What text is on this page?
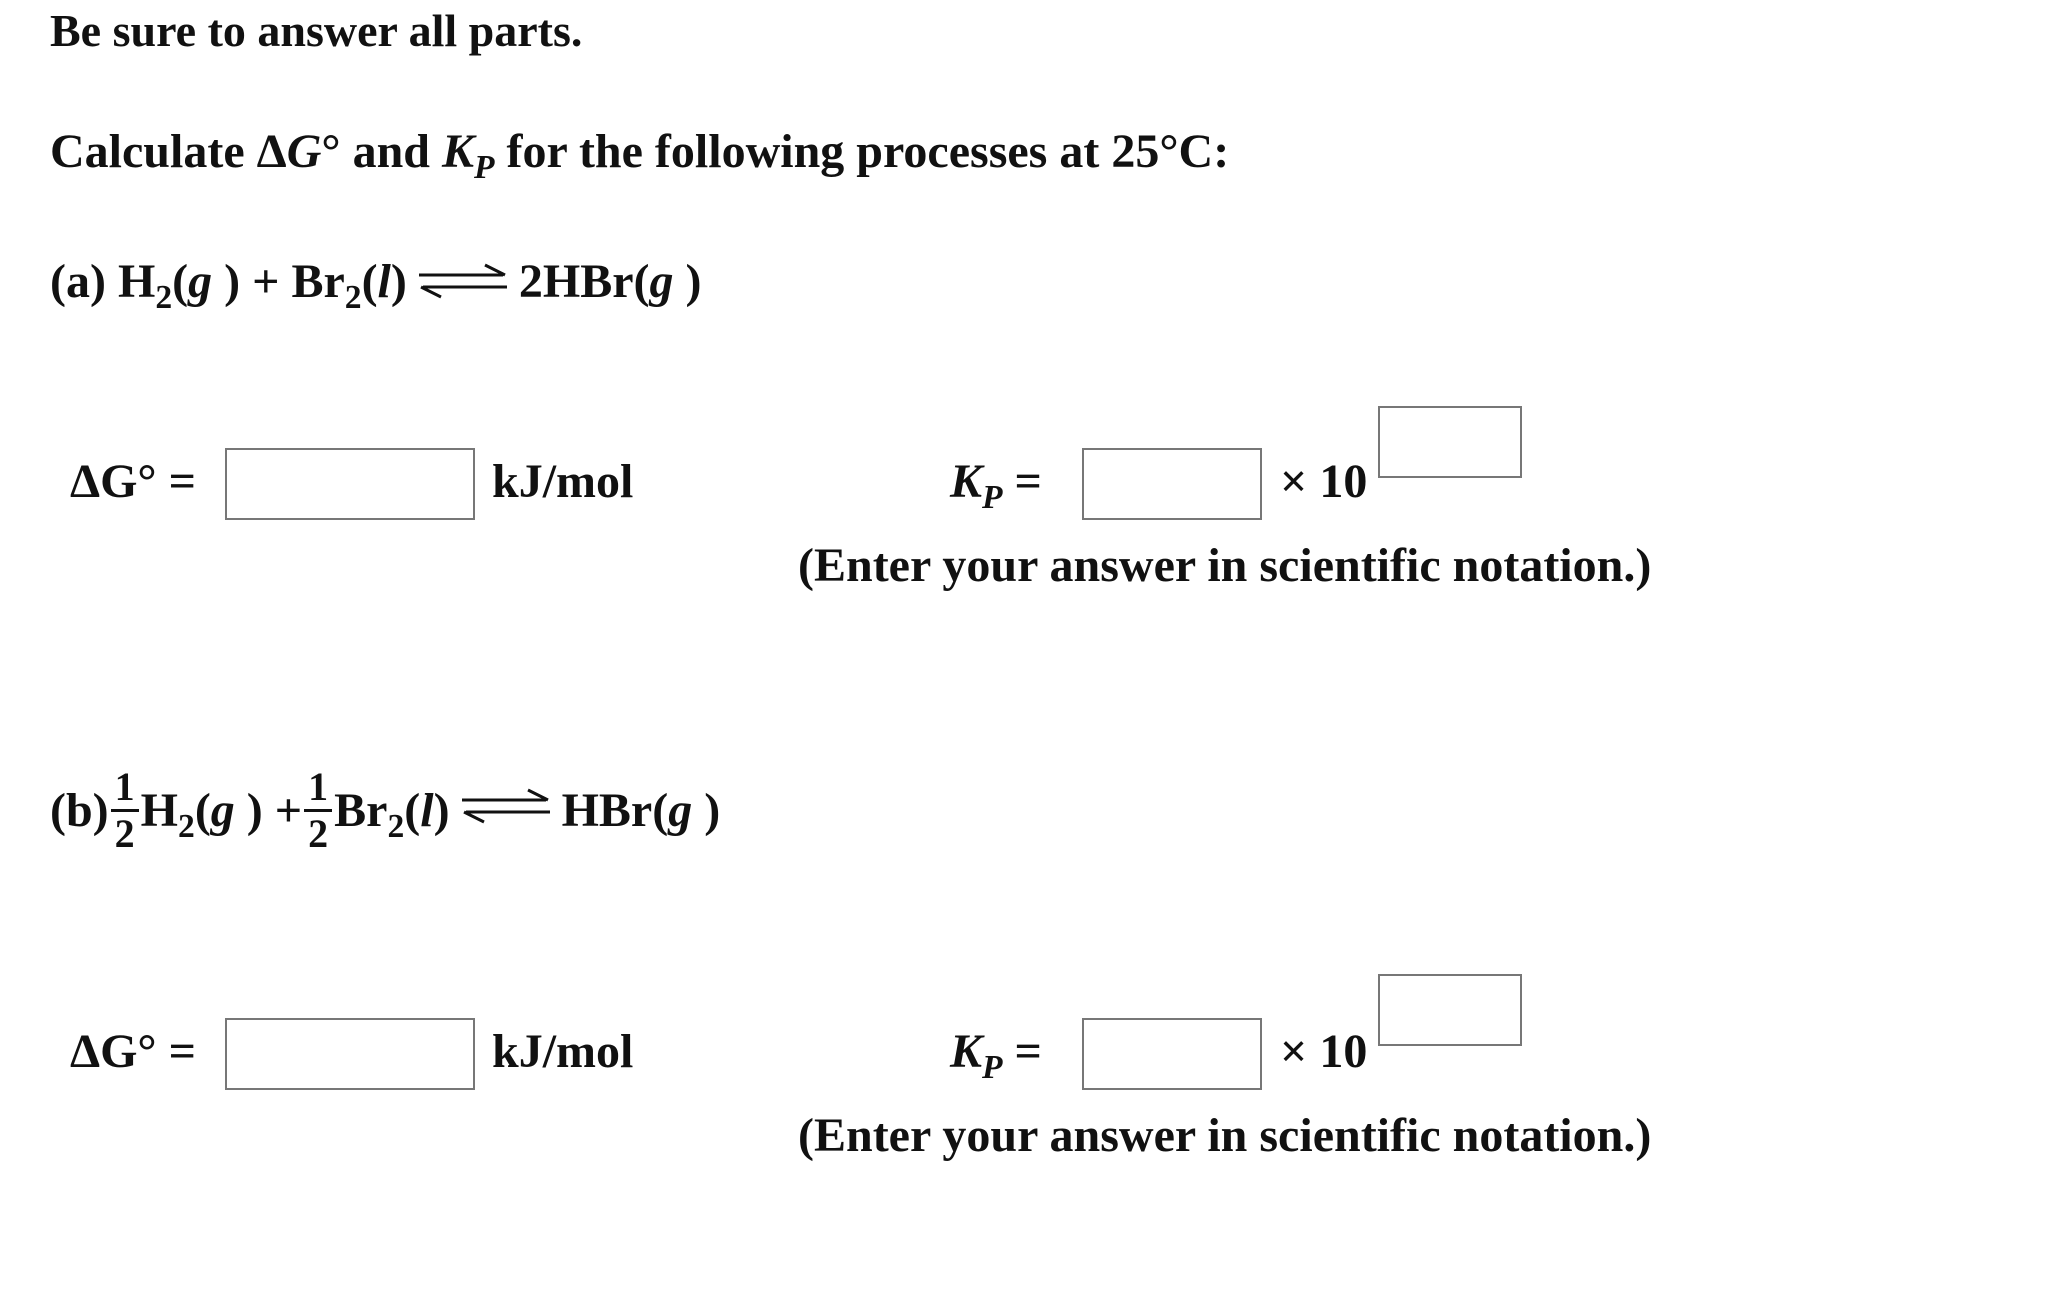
Be sure to answer all parts.
Calculate ΔG° and $K_P$ for the following processes at 25°C:
(a) $H_2(g$ ) + $Br_2(l)$ ⇌ 2HBr(g )
ΔG° =	kJ/mol	$K_P$ =	× 10
(Enter your answer in scientific notation.)
$(b) \frac{1}{2} H_2(g$ ) + $\frac{1}{2} Br_2(l)$ ⇌ HBr(g )
ΔG° =	kJ/mol	$K_P$ =	× 10
(Enter your answer in scientific notation.)
